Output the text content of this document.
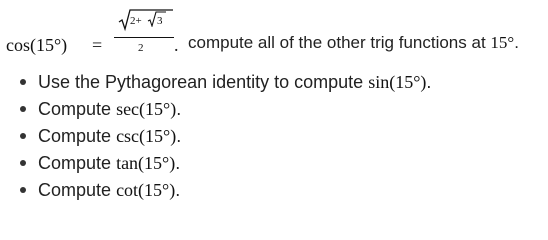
cos(15°) =
2+ 3
2 . compute all of the other trig functions at 15°.
Use the Pythagorean identity to compute sin(15°).
Compute sec(15°).
Compute csc(15°).
Compute tan(15°).
Compute cot(15°).
